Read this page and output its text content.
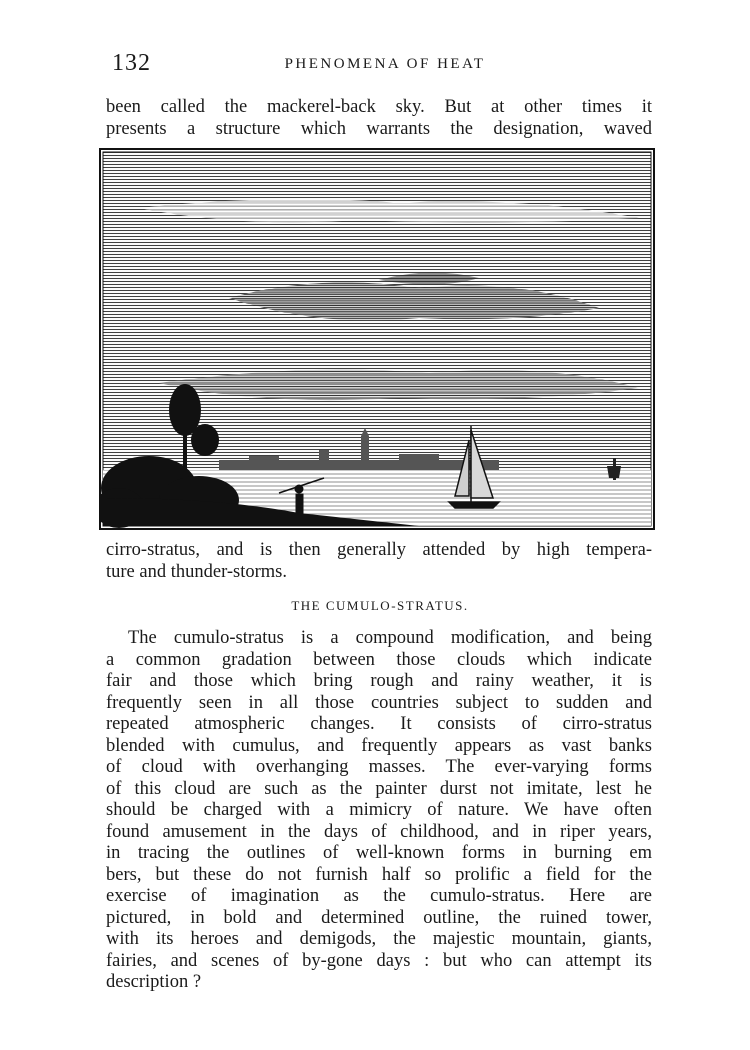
132	PHENOMENA OF HEAT
been called the mackerel-back sky. But at other times it
presents a structure which warrants the designation, waved
cirro-stratus, and is then generally attended by high tempera-
ture and thunder-storms.
THE CUMULO-STRATUS.
The cumulo-stratus is a compound modification, and being
a common gradation between those clouds which indicate
fair and those which bring rough and rainy weather, it is
frequently seen in all those countries subject to sudden and
repeated atmospheric changes. It consists of cirro-stratus
blended with cumulus, and frequently appears as vast banks
of cloud with overhanging masses. The ever-varying forms
of this cloud are such as the painter durst not imitate, lest he
should be charged with a mimicry of nature. We have often
found amusement in the days of childhood, and in riper years,
in tracing the outlines of well-known forms in burning em
bers, but these do not furnish half so prolific a field for the
exercise of imagination as the cumulo-stratus. Here are
pictured, in bold and determined outline, the ruined tower,
with its heroes and demigods, the majestic mountain, giants,
fairies, and scenes of by-gone days : but who can attempt its
description ?
